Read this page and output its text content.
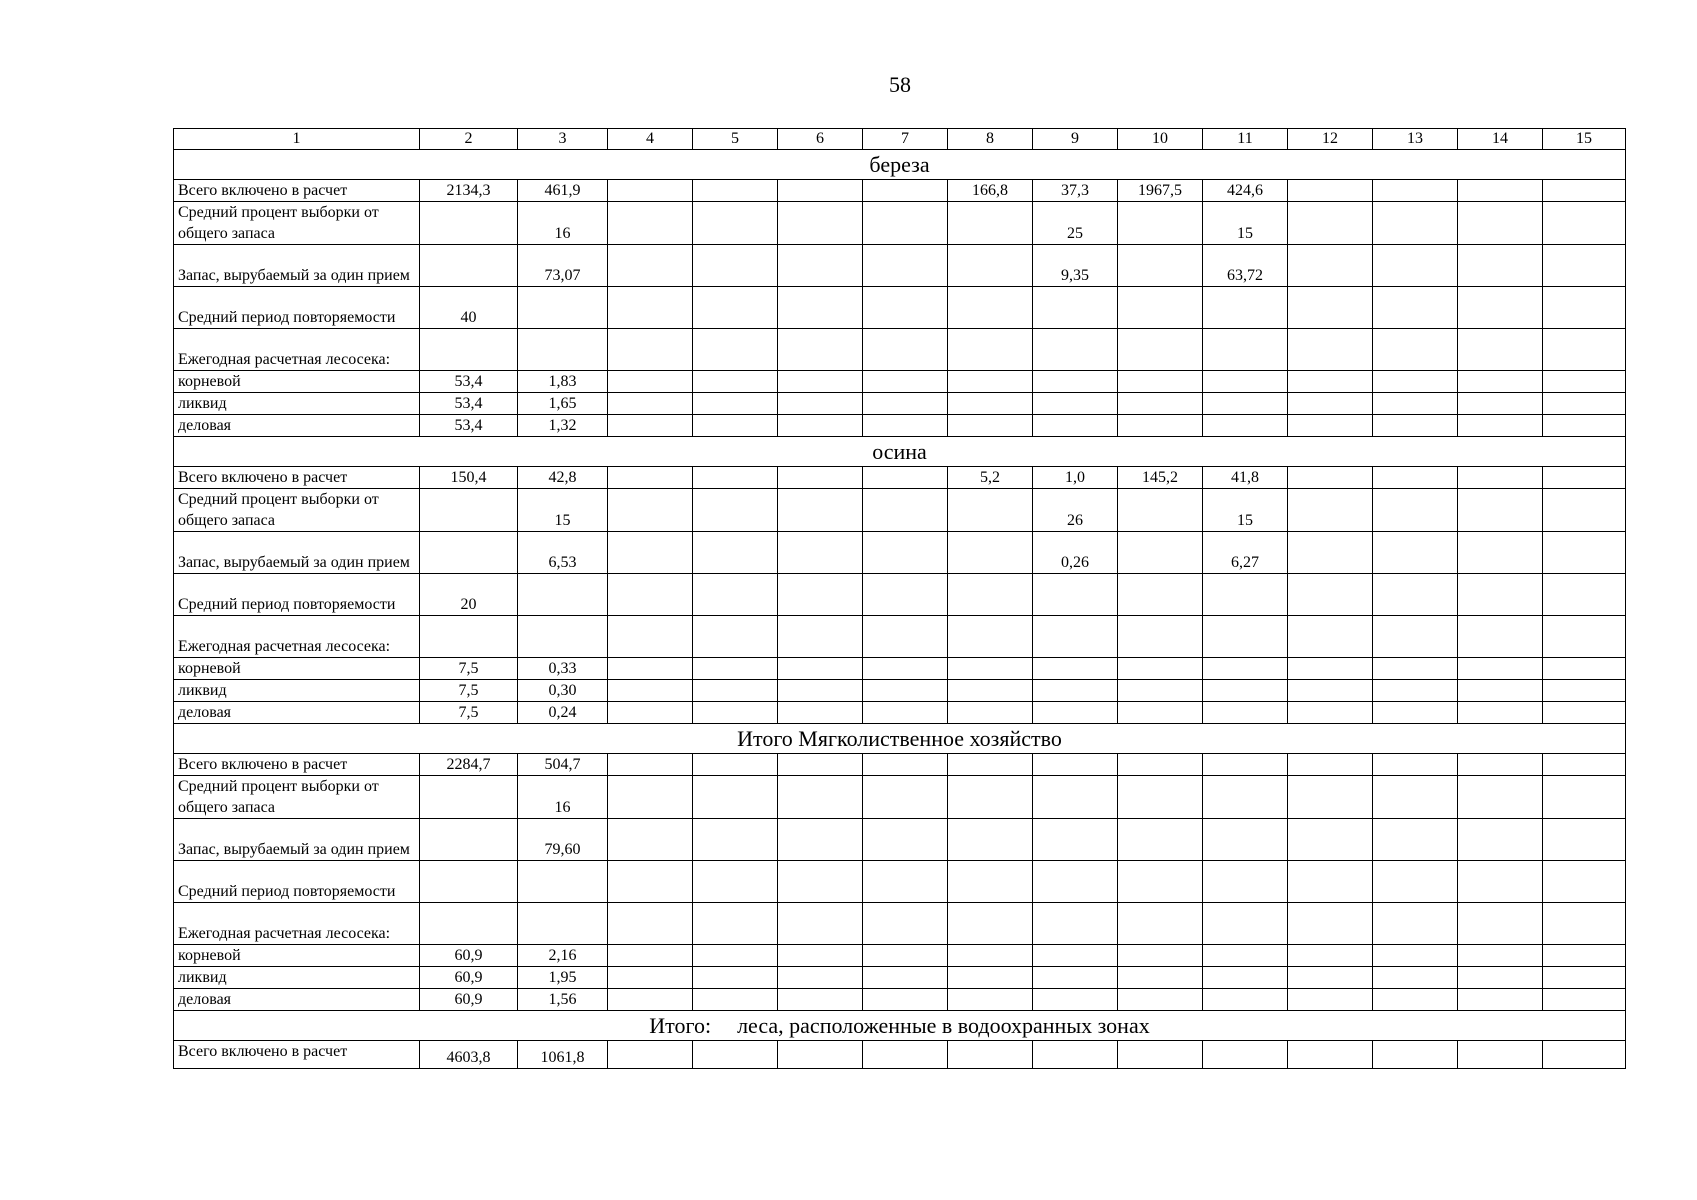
58
1	2	3	4	5	6	7	8	9	10	11	12	13	14	15
береза														
Всего включено в расчет	2134,3	461,9					166,8	37,3	1967,5	424,6				
Средний процент выборки от общего запаса		16						25		15				
Запас, вырубаемый за один прием		73,07						9,35		63,72				
Средний период повторяемости	40													
Ежегодная расчетная лесосека:														
корневой	53,4	1,83												
ликвид	53,4	1,65												
деловая	53,4	1,32												
осина														
Всего включено в расчет	150,4	42,8					5,2	1,0	145,2	41,8				
Средний процент выборки от общего запаса		15						26		15				
Запас, вырубаемый за один прием		6,53						0,26		6,27				
Средний период повторяемости	20													
Ежегодная расчетная лесосека:														
корневой	7,5	0,33												
ликвид	7,5	0,30												
деловая	7,5	0,24												
Итого Мягколиственное хозяйство														
Всего включено в расчет	2284,7	504,7												
Средний процент выборки от общего запаса		16												
Запас, вырубаемый за один прием		79,60												
Средний период повторяемости														
Ежегодная расчетная лесосека:														
корневой	60,9	2,16												
ликвид	60,9	1,95												
деловая	60,9	1,56												
Итого: леса, расположенные в водоохранных зонах														
Всего включено в расчет	4603,8	1061,8												
